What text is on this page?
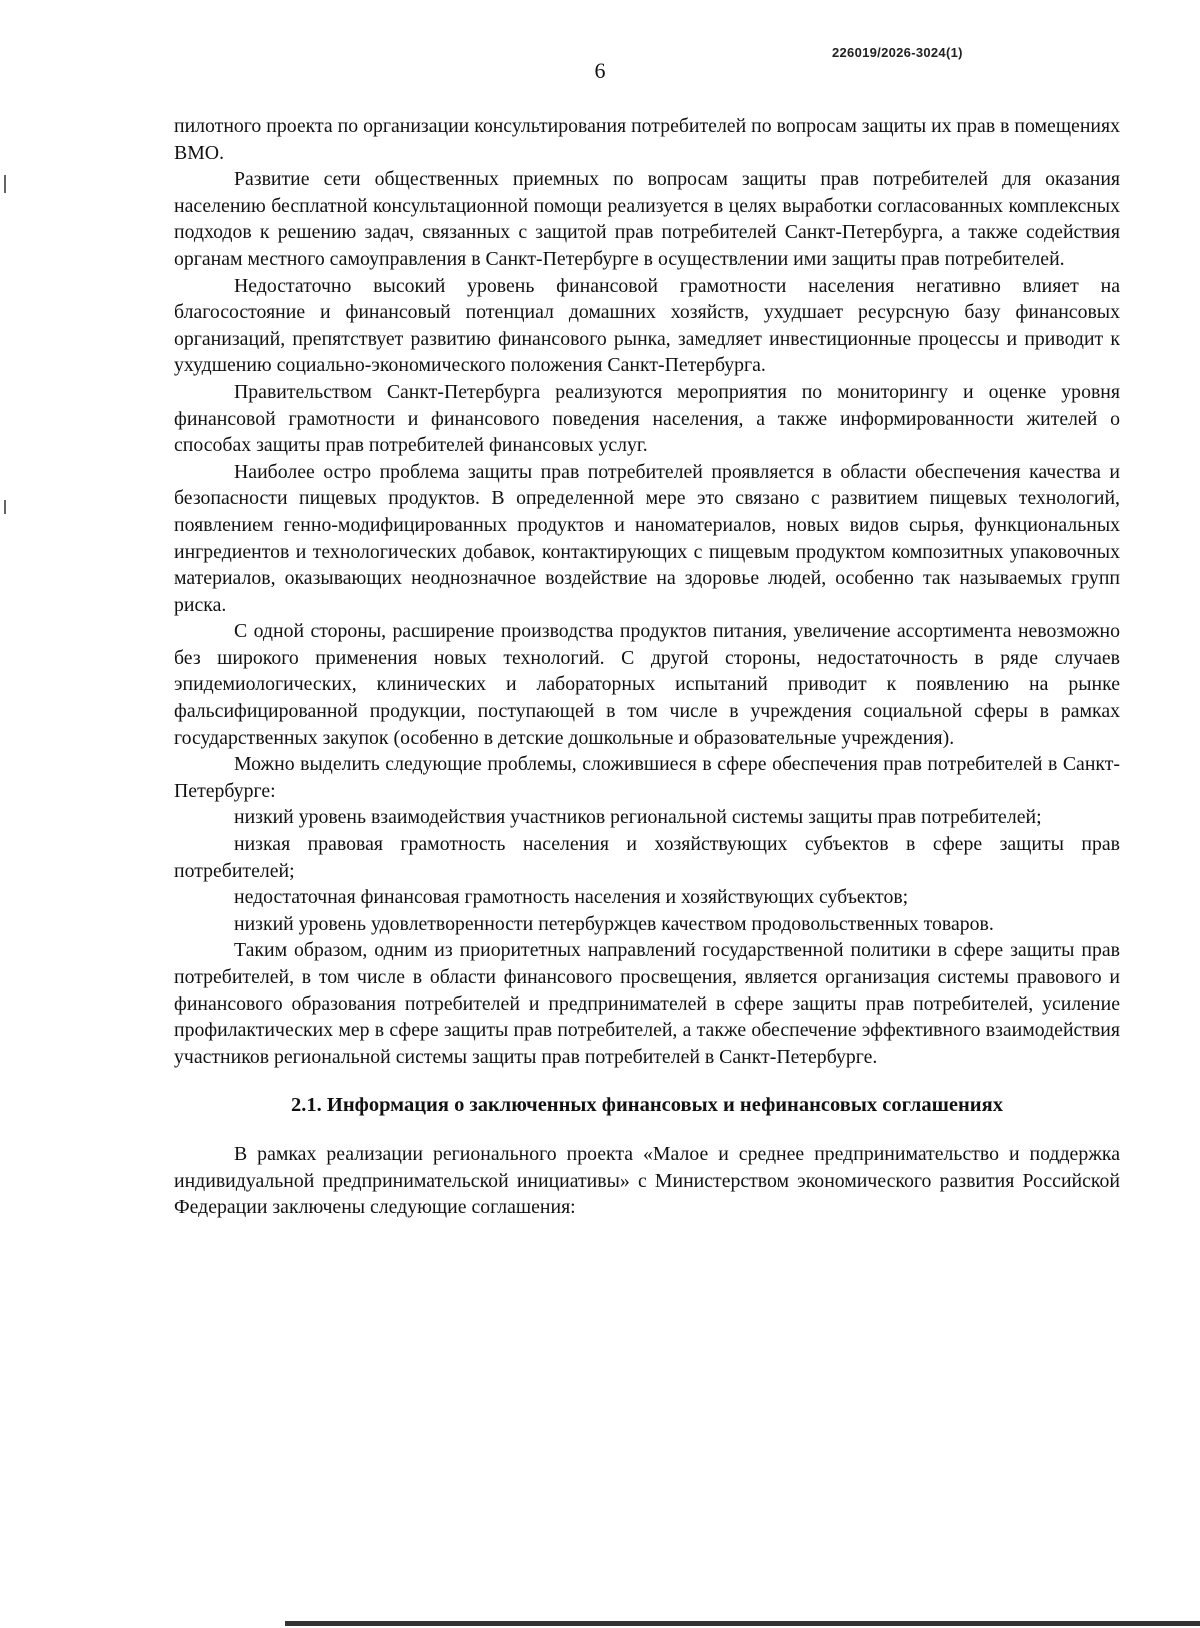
226019/2026-3024(1)
6

пилотного проекта по организации консультирования потребителей по вопросам защиты их прав в помещениях ВМО.

Развитие сети общественных приемных по вопросам защиты прав потребителей для оказания населению бесплатной консультационной помощи реализуется в целях выработки согласованных комплексных подходов к решению задач, связанных с защитой прав потребителей Санкт-Петербурга, а также содействия органам местного самоуправления в Санкт-Петербурге в осуществлении ими защиты прав потребителей.

Недостаточно высокий уровень финансовой грамотности населения негативно влияет на благосостояние и финансовый потенциал домашних хозяйств, ухудшает ресурсную базу финансовых организаций, препятствует развитию финансового рынка, замедляет инвестиционные процессы и приводит к ухудшению социально-экономического положения Санкт-Петербурга.

Правительством Санкт-Петербурга реализуются мероприятия по мониторингу и оценке уровня финансовой грамотности и финансового поведения населения, а также информированности жителей о способах защиты прав потребителей финансовых услуг.

Наиболее остро проблема защиты прав потребителей проявляется в области обеспечения качества и безопасности пищевых продуктов. В определенной мере это связано с развитием пищевых технологий, появлением генно-модифицированных продуктов и наноматериалов, новых видов сырья, функциональных ингредиентов и технологических добавок, контактирующих с пищевым продуктом композитных упаковочных материалов, оказывающих неоднозначное воздействие на здоровье людей, особенно так называемых групп риска.

С одной стороны, расширение производства продуктов питания, увеличение ассортимента невозможно без широкого применения новых технологий. С другой стороны, недостаточность в ряде случаев эпидемиологических, клинических и лабораторных испытаний приводит к появлению на рынке фальсифицированной продукции, поступающей в том числе в учреждения социальной сферы в рамках государственных закупок (особенно в детские дошкольные и образовательные учреждения).

Можно выделить следующие проблемы, сложившиеся в сфере обеспечения прав потребителей в Санкт-Петербурге:

низкий уровень взаимодействия участников региональной системы защиты прав потребителей;

низкая правовая грамотность населения и хозяйствующих субъектов в сфере защиты прав потребителей;

недостаточная финансовая грамотность населения и хозяйствующих субъектов;

низкий уровень удовлетворенности петербуржцев качеством продовольственных товаров.

Таким образом, одним из приоритетных направлений государственной политики в сфере защиты прав потребителей, в том числе в области финансового просвещения, является организация системы правового и финансового образования потребителей и предпринимателей в сфере защиты прав потребителей, усиление профилактических мер в сфере защиты прав потребителей, а также обеспечение эффективного взаимодействия участников региональной системы защиты прав потребителей в Санкт-Петербурге.

2.1. Информация о заключенных финансовых и нефинансовых соглашениях

В рамках реализации регионального проекта «Малое и среднее предпринимательство и поддержка индивидуальной предпринимательской инициативы» с Министерством экономического развития Российской Федерации заключены следующие соглашения:
